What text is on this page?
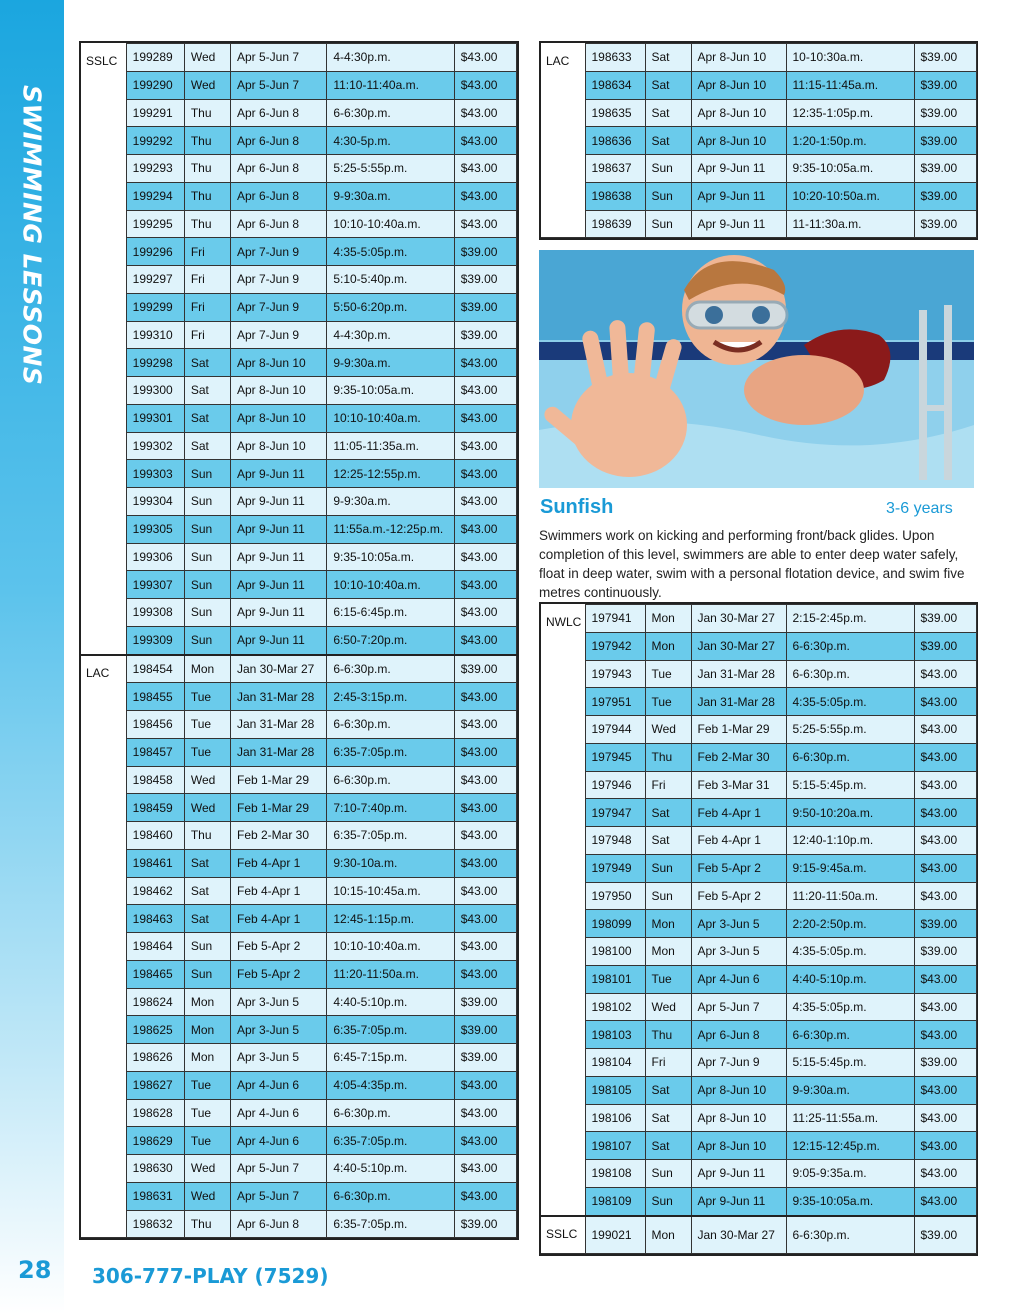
SWIMMING LESSONS
28 306-777-PLAY (7529)
SSLC	199289	Wed	Apr 5-Jun 7	4-4:30p.m.	$43.00
	199290	Wed	Apr 5-Jun 7	11:10-11:40a.m.	$43.00
	199291	Thu	Apr 6-Jun 8	6-6:30p.m.	$43.00
	199292	Thu	Apr 6-Jun 8	4:30-5p.m.	$43.00
	199293	Thu	Apr 6-Jun 8	5:25-5:55p.m.	$43.00
	199294	Thu	Apr 6-Jun 8	9-9:30a.m.	$43.00
	199295	Thu	Apr 6-Jun 8	10:10-10:40a.m.	$43.00
	199296	Fri	Apr 7-Jun 9	4:35-5:05p.m.	$39.00
	199297	Fri	Apr 7-Jun 9	5:10-5:40p.m.	$39.00
	199299	Fri	Apr 7-Jun 9	5:50-6:20p.m.	$39.00
	199310	Fri	Apr 7-Jun 9	4-4:30p.m.	$39.00
	199298	Sat	Apr 8-Jun 10	9-9:30a.m.	$43.00
	199300	Sat	Apr 8-Jun 10	9:35-10:05a.m.	$43.00
	199301	Sat	Apr 8-Jun 10	10:10-10:40a.m.	$43.00
	199302	Sat	Apr 8-Jun 10	11:05-11:35a.m.	$43.00
	199303	Sun	Apr 9-Jun 11	12:25-12:55p.m.	$43.00
	199304	Sun	Apr 9-Jun 11	9-9:30a.m.	$43.00
	199305	Sun	Apr 9-Jun 11	11:55a.m.-12:25p.m.	$43.00
	199306	Sun	Apr 9-Jun 11	9:35-10:05a.m.	$43.00
	199307	Sun	Apr 9-Jun 11	10:10-10:40a.m.	$43.00
	199308	Sun	Apr 9-Jun 11	6:15-6:45p.m.	$43.00
	199309	Sun	Apr 9-Jun 11	6:50-7:20p.m.	$43.00
LAC	198454	Mon	Jan 30-Mar 27	6-6:30p.m.	$39.00
	198455	Tue	Jan 31-Mar 28	2:45-3:15p.m.	$43.00
	198456	Tue	Jan 31-Mar 28	6-6:30p.m.	$43.00
	198457	Tue	Jan 31-Mar 28	6:35-7:05p.m.	$43.00
	198458	Wed	Feb 1-Mar 29	6-6:30p.m.	$43.00
	198459	Wed	Feb 1-Mar 29	7:10-7:40p.m.	$43.00
	198460	Thu	Feb 2-Mar 30	6:35-7:05p.m.	$43.00
	198461	Sat	Feb 4-Apr 1	9:30-10a.m.	$43.00
	198462	Sat	Feb 4-Apr 1	10:15-10:45a.m.	$43.00
	198463	Sat	Feb 4-Apr 1	12:45-1:15p.m.	$43.00
	198464	Sun	Feb 5-Apr 2	10:10-10:40a.m.	$43.00
	198465	Sun	Feb 5-Apr 2	11:20-11:50a.m.	$43.00
	198624	Mon	Apr 3-Jun 5	4:40-5:10p.m.	$39.00
	198625	Mon	Apr 3-Jun 5	6:35-7:05p.m.	$39.00
	198626	Mon	Apr 3-Jun 5	6:45-7:15p.m.	$39.00
	198627	Tue	Apr 4-Jun 6	4:05-4:35p.m.	$43.00
	198628	Tue	Apr 4-Jun 6	6-6:30p.m.	$43.00
	198629	Tue	Apr 4-Jun 6	6:35-7:05p.m.	$43.00
	198630	Wed	Apr 5-Jun 7	4:40-5:10p.m.	$43.00
	198631	Wed	Apr 5-Jun 7	6-6:30p.m.	$43.00
	198632	Thu	Apr 6-Jun 8	6:35-7:05p.m.	$39.00
LAC	198633	Sat	Apr 8-Jun 10	10-10:30a.m.	$39.00
	198634	Sat	Apr 8-Jun 10	11:15-11:45a.m.	$39.00
	198635	Sat	Apr 8-Jun 10	12:35-1:05p.m.	$39.00
	198636	Sat	Apr 8-Jun 10	1:20-1:50p.m.	$39.00
	198637	Sun	Apr 9-Jun 11	9:35-10:05a.m.	$39.00
	198638	Sun	Apr 9-Jun 11	10:20-10:50a.m.	$39.00
	198639	Sun	Apr 9-Jun 11	11-11:30a.m.	$39.00
Sunfish	3-6 years
Swimmers work on kicking and performing front/back glides. Upon completion of this level, swimmers are able to enter deep water safely, float in deep water, swim with a personal flotation device, and swim five metres continuously.
NWLC	197941	Mon	Jan 30-Mar 27	2:15-2:45p.m.	$39.00
	197942	Mon	Jan 30-Mar 27	6-6:30p.m.	$39.00
	197943	Tue	Jan 31-Mar 28	6-6:30p.m.	$43.00
	197951	Tue	Jan 31-Mar 28	4:35-5:05p.m.	$43.00
	197944	Wed	Feb 1-Mar 29	5:25-5:55p.m.	$43.00
	197945	Thu	Feb 2-Mar 30	6-6:30p.m.	$43.00
	197946	Fri	Feb 3-Mar 31	5:15-5:45p.m.	$43.00
	197947	Sat	Feb 4-Apr 1	9:50-10:20a.m.	$43.00
	197948	Sat	Feb 4-Apr 1	12:40-1:10p.m.	$43.00
	197949	Sun	Feb 5-Apr 2	9:15-9:45a.m.	$43.00
	197950	Sun	Feb 5-Apr 2	11:20-11:50a.m.	$43.00
	198099	Mon	Apr 3-Jun 5	2:20-2:50p.m.	$39.00
	198100	Mon	Apr 3-Jun 5	4:35-5:05p.m.	$39.00
	198101	Tue	Apr 4-Jun 6	4:40-5:10p.m.	$43.00
	198102	Wed	Apr 5-Jun 7	4:35-5:05p.m.	$43.00
	198103	Thu	Apr 6-Jun 8	6-6:30p.m.	$43.00
	198104	Fri	Apr 7-Jun 9	5:15-5:45p.m.	$39.00
	198105	Sat	Apr 8-Jun 10	9-9:30a.m.	$43.00
	198106	Sat	Apr 8-Jun 10	11:25-11:55a.m.	$43.00
	198107	Sat	Apr 8-Jun 10	12:15-12:45p.m.	$43.00
	198108	Sun	Apr 9-Jun 11	9:05-9:35a.m.	$43.00
	198109	Sun	Apr 9-Jun 11	9:35-10:05a.m.	$43.00
SSLC	199021	Mon	Jan 30-Mar 27	6-6:30p.m.	$39.00
